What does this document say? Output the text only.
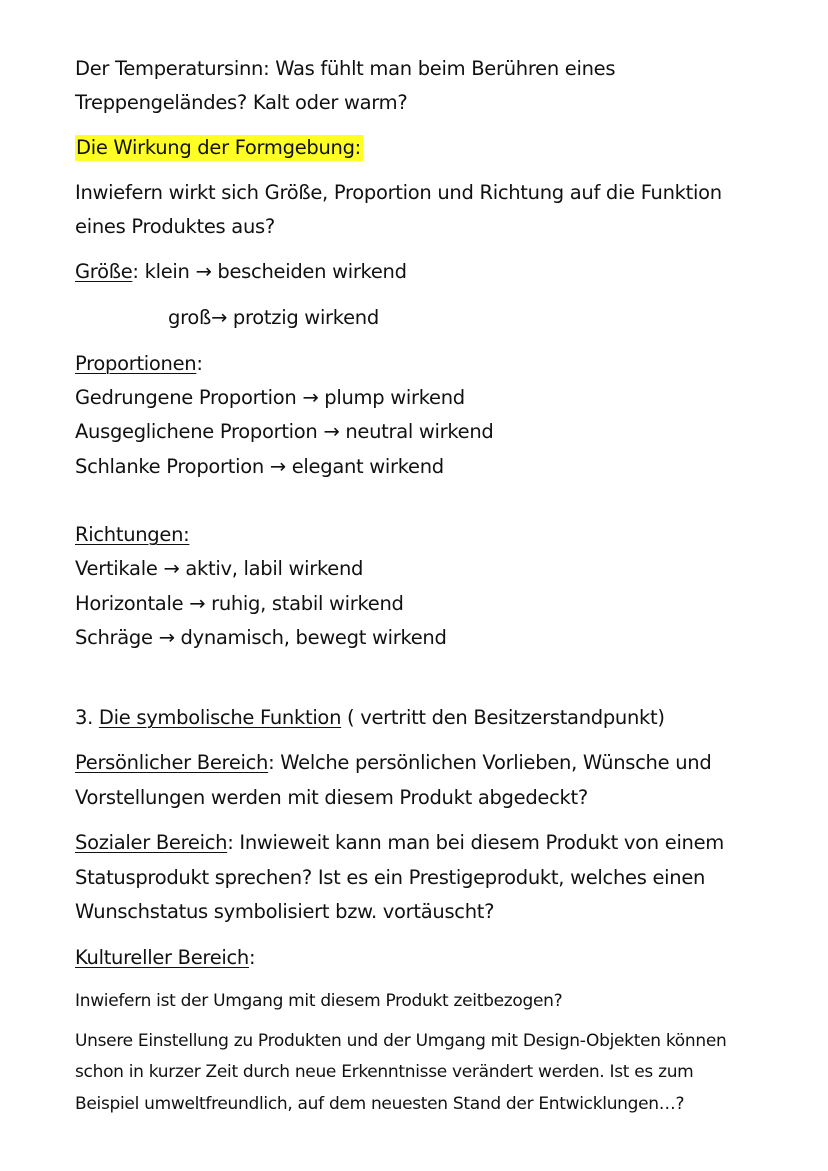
Der Temperatursinn: Was fühlt man beim Berühren eines
Treppengeländes? Kalt oder warm?
Die Wirkung der Formgebung:
Inwiefern wirkt sich Größe, Proportion und Richtung auf die Funktion
eines Produktes aus?
Größe: klein → bescheiden wirkend
groß→ protzig wirkend
Proportionen:
Gedrungene Proportion → plump wirkend
Ausgeglichene Proportion → neutral wirkend
Schlanke Proportion → elegant wirkend
Richtungen:
Vertikale → aktiv, labil wirkend
Horizontale → ruhig, stabil wirkend
Schräge → dynamisch, bewegt wirkend
3. Die symbolische Funktion ( vertritt den Besitzerstandpunkt)
Persönlicher Bereich: Welche persönlichen Vorlieben, Wünsche und
Vorstellungen werden mit diesem Produkt abgedeckt?
Sozialer Bereich: Inwieweit kann man bei diesem Produkt von einem
Statusprodukt sprechen? Ist es ein Prestigeprodukt, welches einen
Wunschstatus symbolisiert bzw. vortäuscht?
Kultureller Bereich:
Inwiefern ist der Umgang mit diesem Produkt zeitbezogen?
Unsere Einstellung zu Produkten und der Umgang mit Design-Objekten können
schon in kurzer Zeit durch neue Erkenntnisse verändert werden. Ist es zum
Beispiel umweltfreundlich, auf dem neuesten Stand der Entwicklungen…?
